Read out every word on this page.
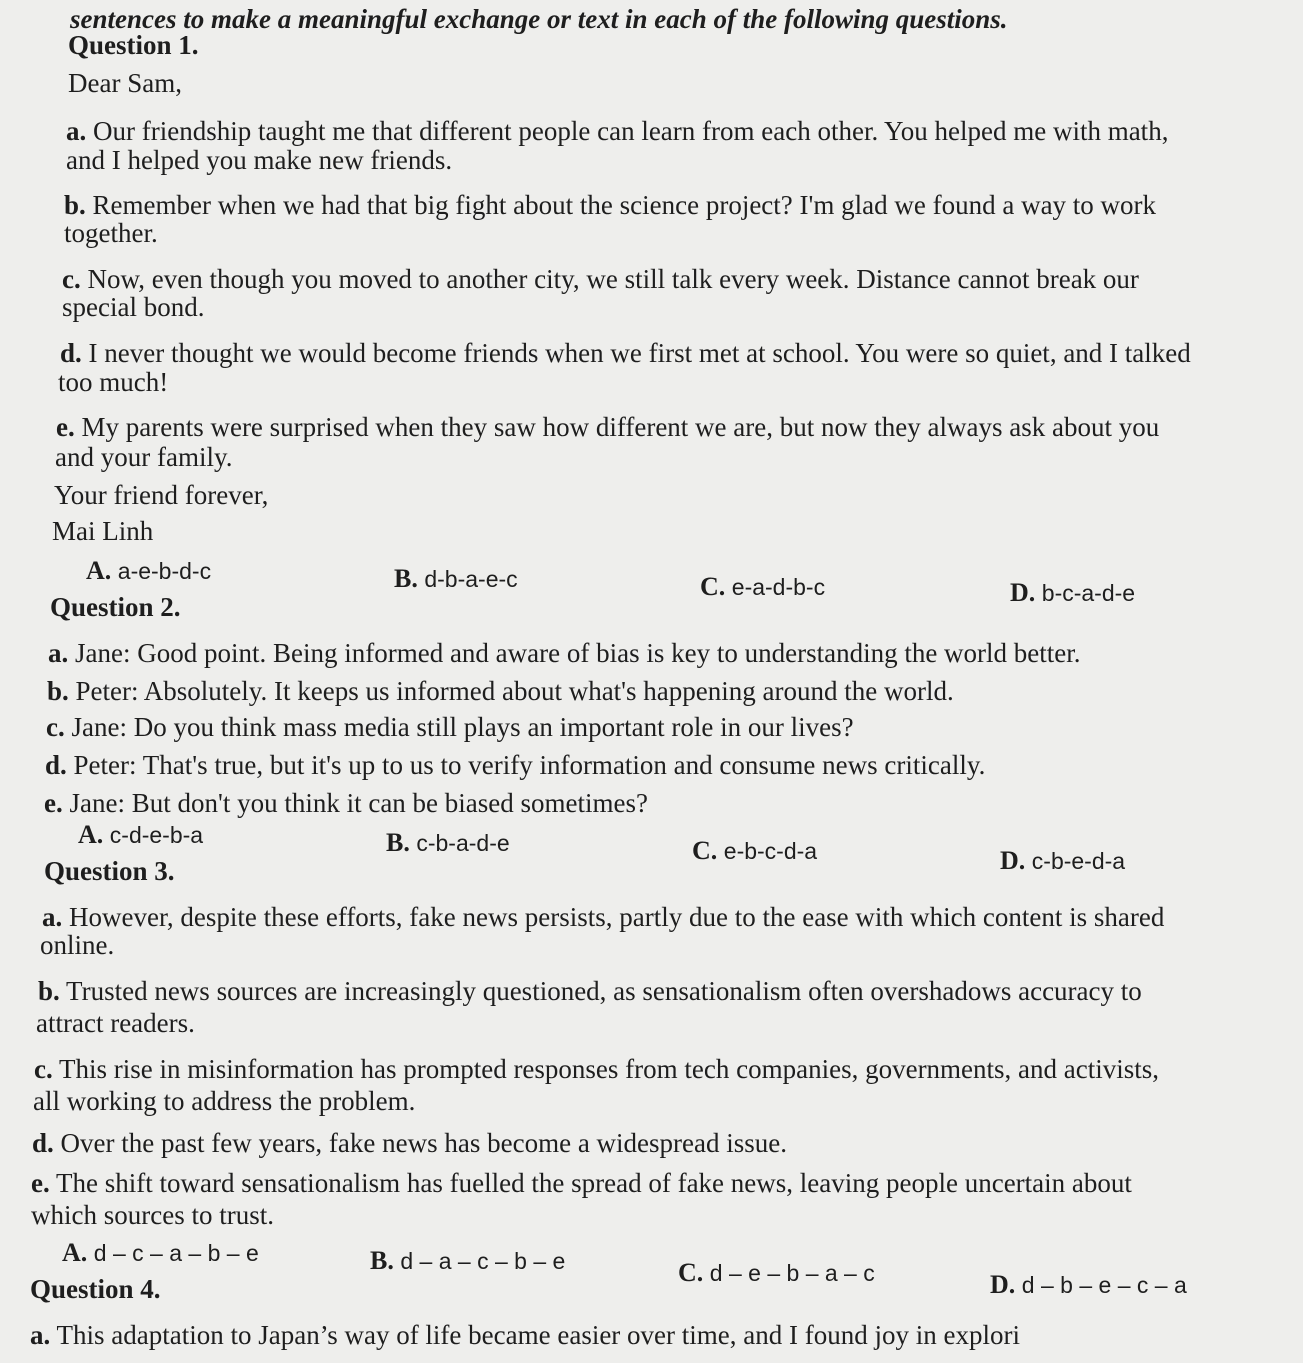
sentences to make a meaningful exchange or text in each of the following questions.
Question 1.
Dear Sam,
a. Our friendship taught me that different people can learn from each other. You helped me with math,
and I helped you make new friends.
b. Remember when we had that big fight about the science project? I'm glad we found a way to work
together.
c. Now, even though you moved to another city, we still talk every week. Distance cannot break our
special bond.
d. I never thought we would become friends when we first met at school. You were so quiet, and I talked
too much!
e. My parents were surprised when they saw how different we are, but now they always ask about you
and your family.
Your friend forever,
Mai Linh
A. a-e-b-d-c	B. d-b-a-e-c	C. e-a-d-b-c	D. b-c-a-d-e
Question 2.
a. Jane: Good point. Being informed and aware of bias is key to understanding the world better.
b. Peter: Absolutely. It keeps us informed about what's happening around the world.
c. Jane: Do you think mass media still plays an important role in our lives?
d. Peter: That's true, but it's up to us to verify information and consume news critically.
e. Jane: But don't you think it can be biased sometimes?
A. c-d-e-b-a	B. c-b-a-d-e	C. e-b-c-d-a	D. c-b-e-d-a
Question 3.
a. However, despite these efforts, fake news persists, partly due to the ease with which content is shared
online.
b. Trusted news sources are increasingly questioned, as sensationalism often overshadows accuracy to
attract readers.
c. This rise in misinformation has prompted responses from tech companies, governments, and activists,
all working to address the problem.
d. Over the past few years, fake news has become a widespread issue.
e. The shift toward sensationalism has fuelled the spread of fake news, leaving people uncertain about
which sources to trust.
A. d – c – a – b – e	B. d – a – c – b – e	C. d – e – b – a – c	D. d – b – e – c – a
Question 4.
a. This adaptation to Japan’s way of life became easier over time, and I found joy in explori
